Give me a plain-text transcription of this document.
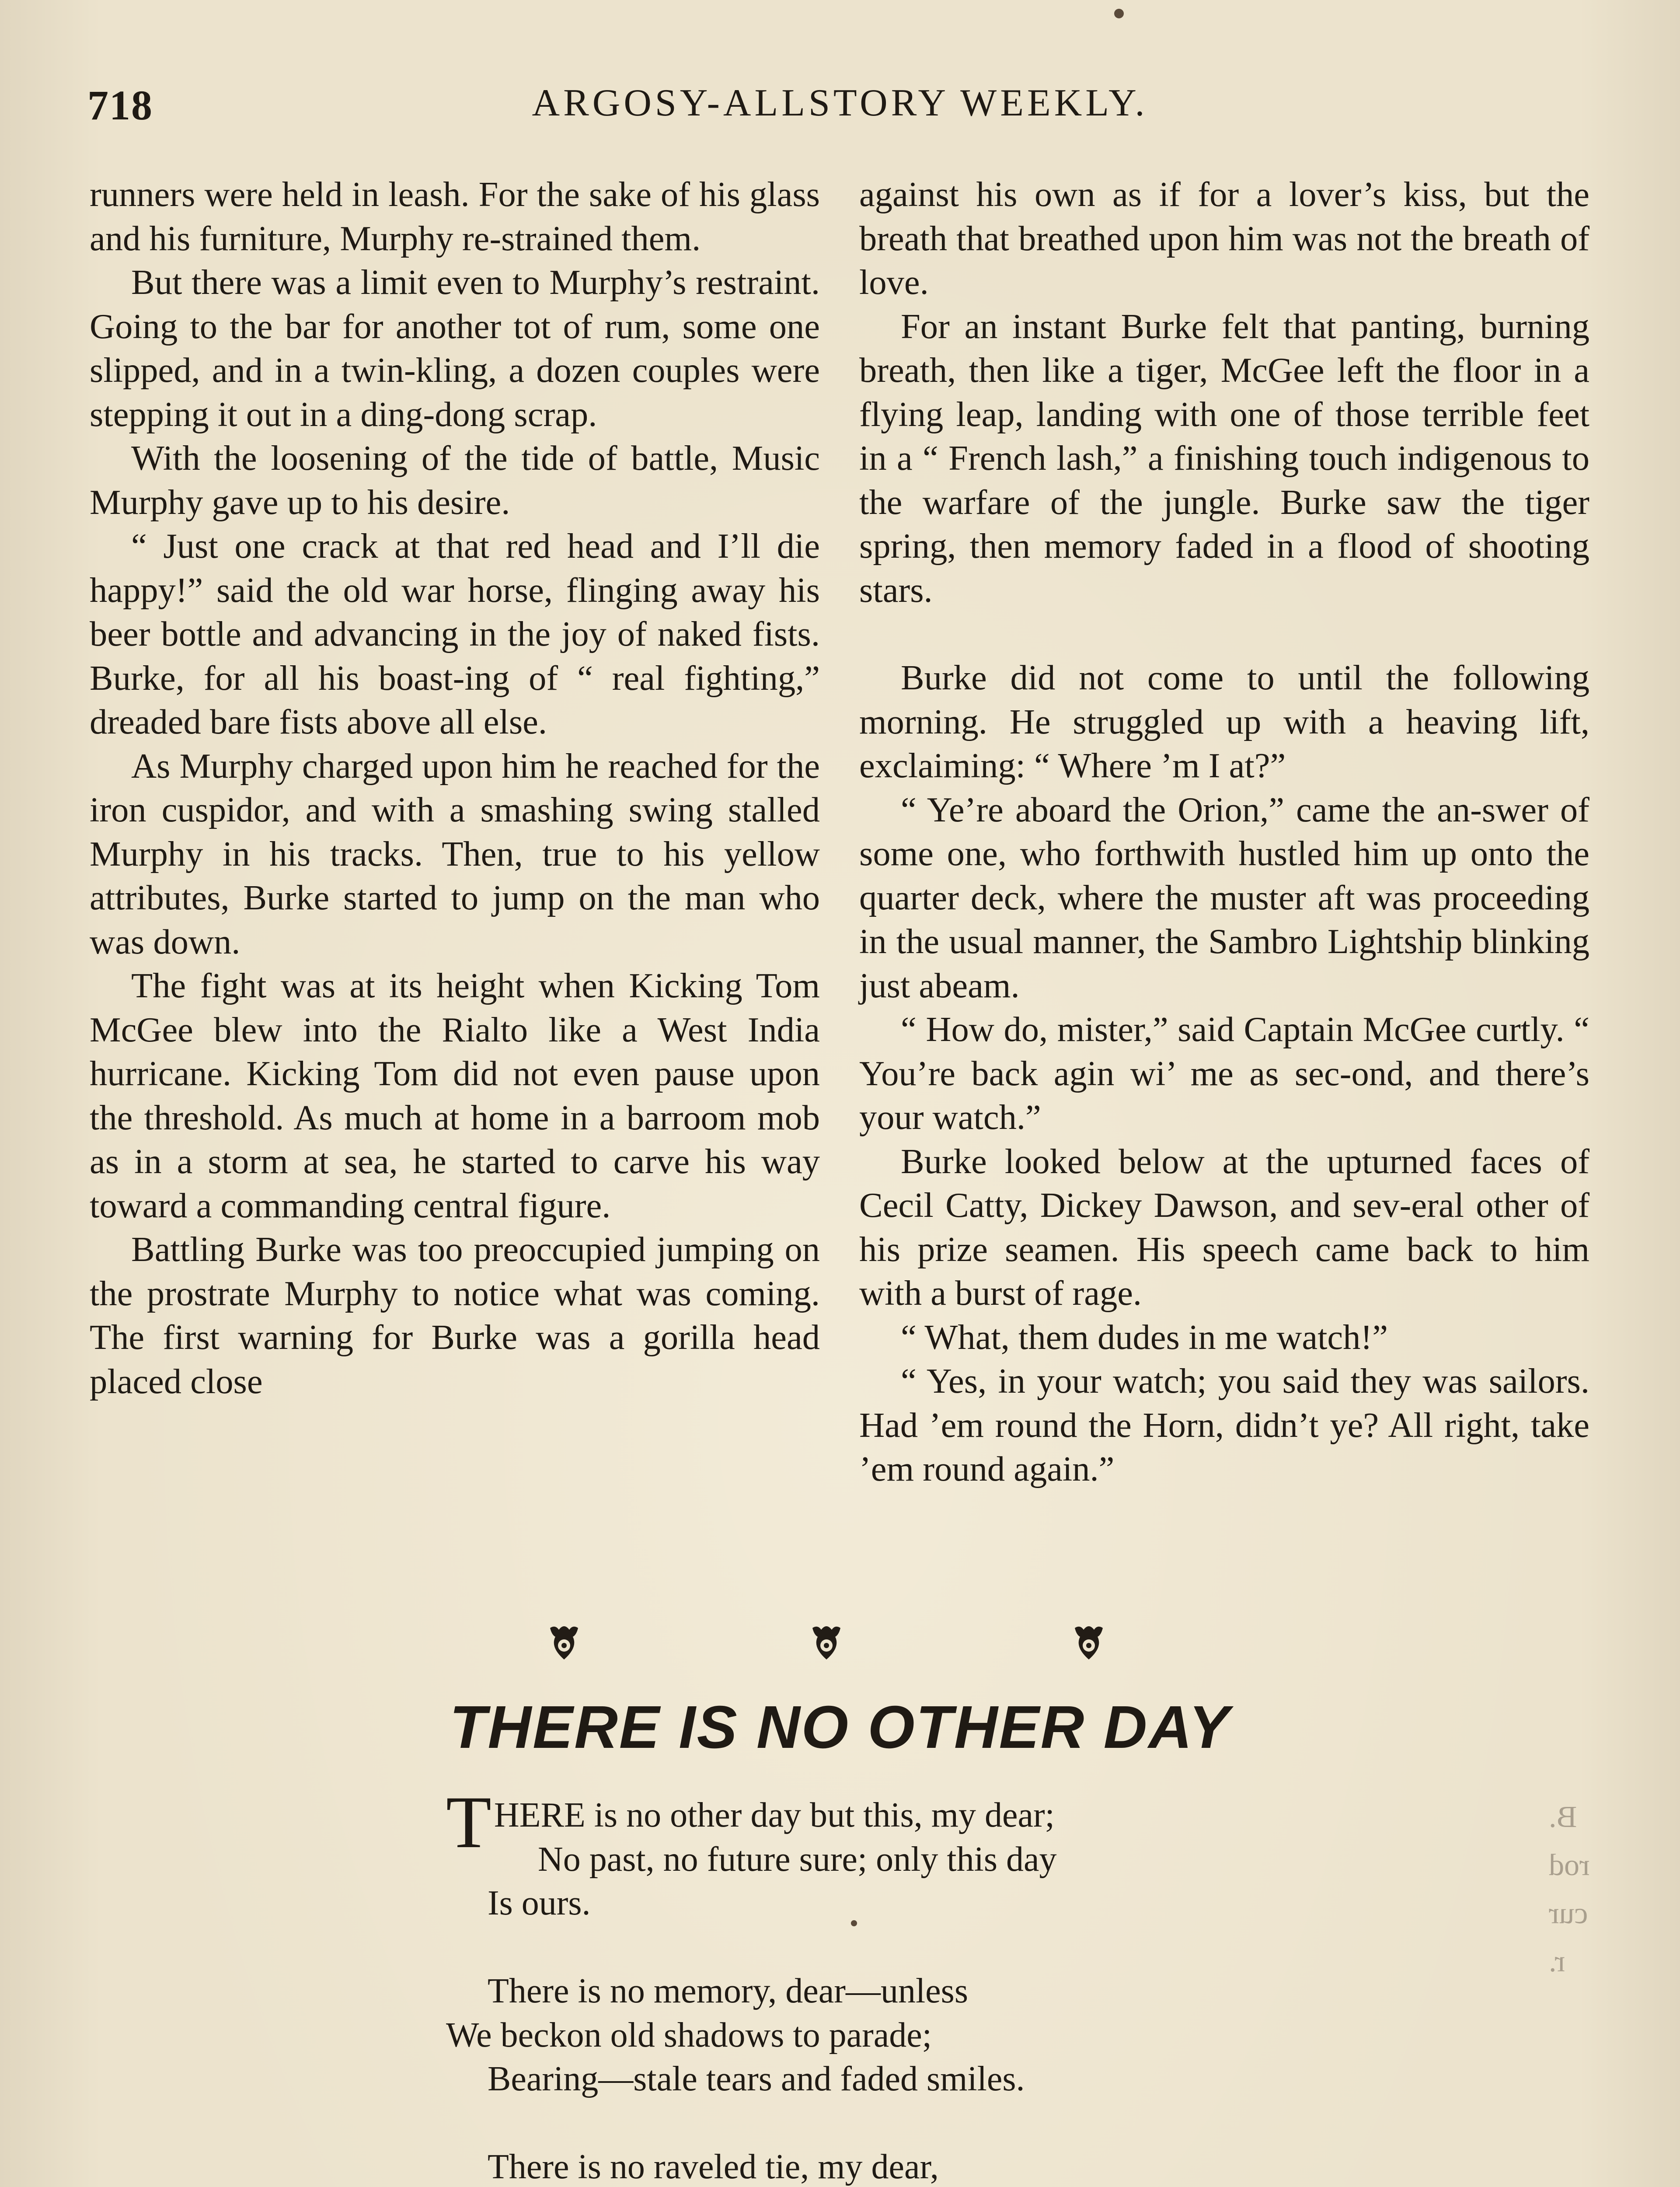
718	ARGOSY-ALLSTORY WEEKLY.

runners were held in leash. For the sake of his glass and his furniture, Murphy re-strained them.

But there was a limit even to Murphy’s restraint. Going to the bar for another tot of rum, some one slipped, and in a twin-kling, a dozen couples were stepping it out in a ding-dong scrap.

With the loosening of the tide of battle, Music Murphy gave up to his desire.

“ Just one crack at that red head and I’ll die happy!” said the old war horse, flinging away his beer bottle and advancing in the joy of naked fists. Burke, for all his boast-ing of “ real fighting,” dreaded bare fists above all else.

As Murphy charged upon him he reached for the iron cuspidor, and with a smashing swing stalled Murphy in his tracks. Then, true to his yellow attributes, Burke started to jump on the man who was down.

The fight was at its height when Kicking Tom McGee blew into the Rialto like a West India hurricane. Kicking Tom did not even pause upon the threshold. As much at home in a barroom mob as in a storm at sea, he started to carve his way toward a commanding central figure.

Battling Burke was too preoccupied jumping on the prostrate Murphy to notice what was coming. The first warning for Burke was a gorilla head placed close

against his own as if for a lover’s kiss, but the breath that breathed upon him was not the breath of love.

For an instant Burke felt that panting, burning breath, then like a tiger, McGee left the floor in a flying leap, landing with one of those terrible feet in a “ French lash,” a finishing touch indigenous to the warfare of the jungle. Burke saw the tiger spring, then memory faded in a flood of shooting stars.

Burke did not come to until the following morning. He struggled up with a heaving lift, exclaiming: “ Where ’m I at?”

“ Ye’re aboard the Orion,” came the an-swer of some one, who forthwith hustled him up onto the quarter deck, where the muster aft was proceeding in the usual manner, the Sambro Lightship blinking just abeam.

“ How do, mister,” said Captain McGee curtly. “ You’re back agin wi’ me as sec-ond, and there’s your watch.”

Burke looked below at the upturned faces of Cecil Catty, Dickey Dawson, and sev-eral other of his prize seamen. His speech came back to him with a burst of rage.

“ What, them dudes in me watch!”

“ Yes, in your watch; you said they was sailors. Had ’em round the Horn, didn’t ye? All right, take ’em round again.”

THERE IS NO OTHER DAY
THERE is no other day but this, my dear;
No past, no future sure; only this day
Is ours.
There is no memory, dear—unless
We beckon old shadows to parade;
Bearing—stale tears and faded smiles.
There is no raveled tie, my dear,
B.
rod
cur
r.
